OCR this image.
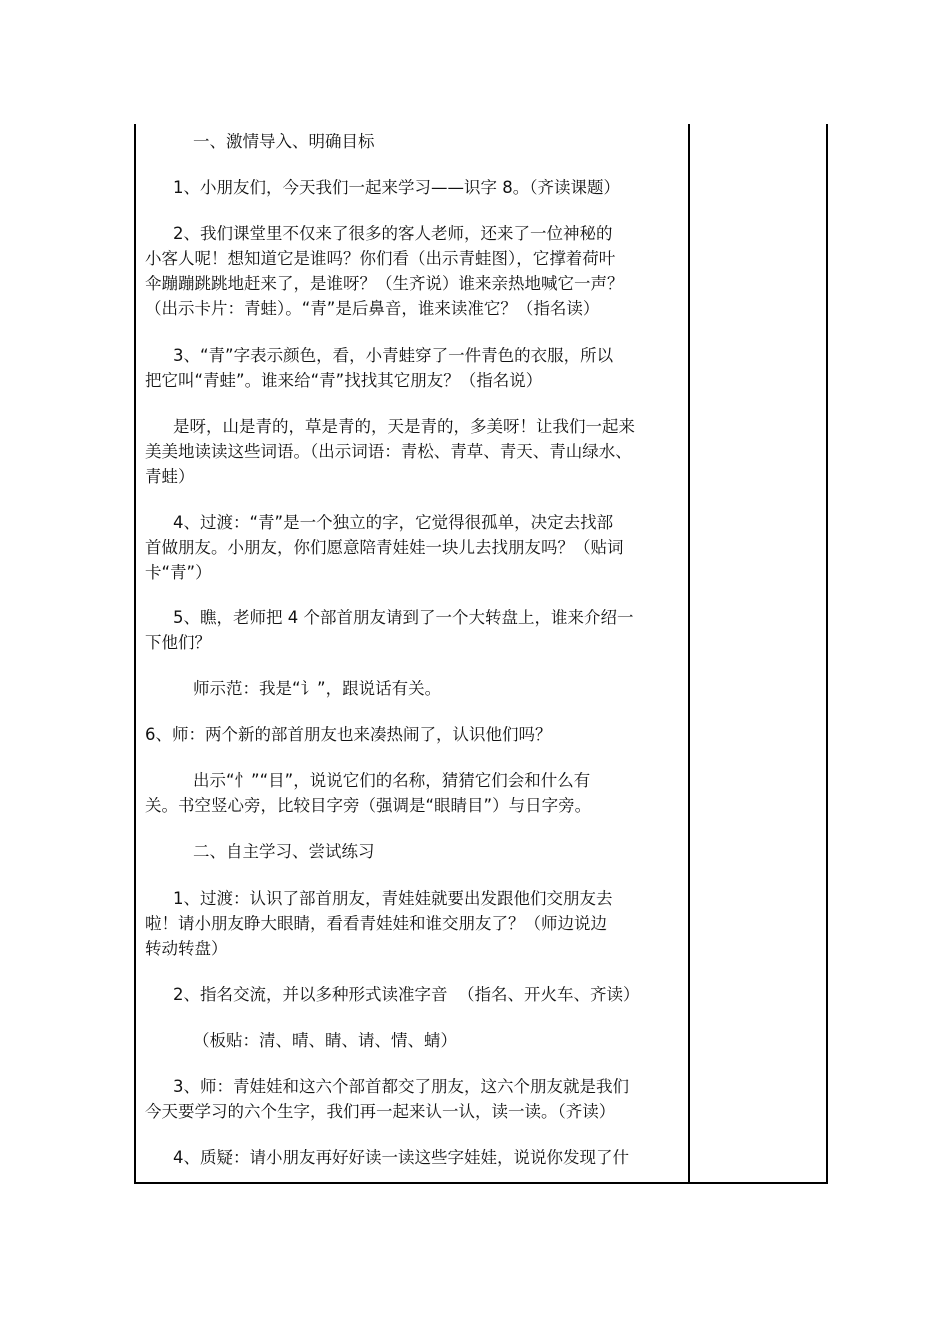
一、激情导入、明确目标
1、小朋友们，今天我们一起来学习——识字 8。（齐读课题）
2、我们课堂里不仅来了很多的客人老师，还来了一位神秘的
小客人呢！想知道它是谁吗？你们看（出示青蛙图），它撑着荷叶
伞蹦蹦跳跳地赶来了，是谁呀？（生齐说）谁来亲热地喊它一声？
（出示卡片：青蛙）。“青”是后鼻音，谁来读准它？（指名读）
3、“青”字表示颜色，看，小青蛙穿了一件青色的衣服，所以
把它叫“青蛙”。谁来给“青”找找其它朋友？（指名说）
是呀，山是青的，草是青的，天是青的，多美呀！让我们一起来
美美地读读这些词语。（出示词语：青松、青草、青天、青山绿水、
青蛙）
4、过渡：“青”是一个独立的字，它觉得很孤单，决定去找部
首做朋友。小朋友，你们愿意陪青娃娃一块儿去找朋友吗？（贴词
卡“青”）
5、瞧，老师把 4 个部首朋友请到了一个大转盘上，谁来介绍一
下他们？
师示范：我是“讠”，跟说话有关。
6、师：两个新的部首朋友也来凑热闹了，认识他们吗？
出示“忄”“目”，说说它们的名称，猜猜它们会和什么有
关。书空竖心旁，比较目字旁（强调是“眼睛目”）与日字旁。
二、自主学习、尝试练习
1、过渡：认识了部首朋友，青娃娃就要出发跟他们交朋友去
啦！请小朋友睁大眼睛，看看青娃娃和谁交朋友了？（师边说边
转动转盘）
2、指名交流，并以多种形式读准字音  （指名、开火车、齐读）
（板贴：清、晴、睛、请、情、蜻）
3、师：青娃娃和这六个部首都交了朋友，这六个朋友就是我们
今天要学习的六个生字，我们再一起来认一认，读一读。（齐读）
4、质疑：请小朋友再好好读一读这些字娃娃，说说你发现了什
